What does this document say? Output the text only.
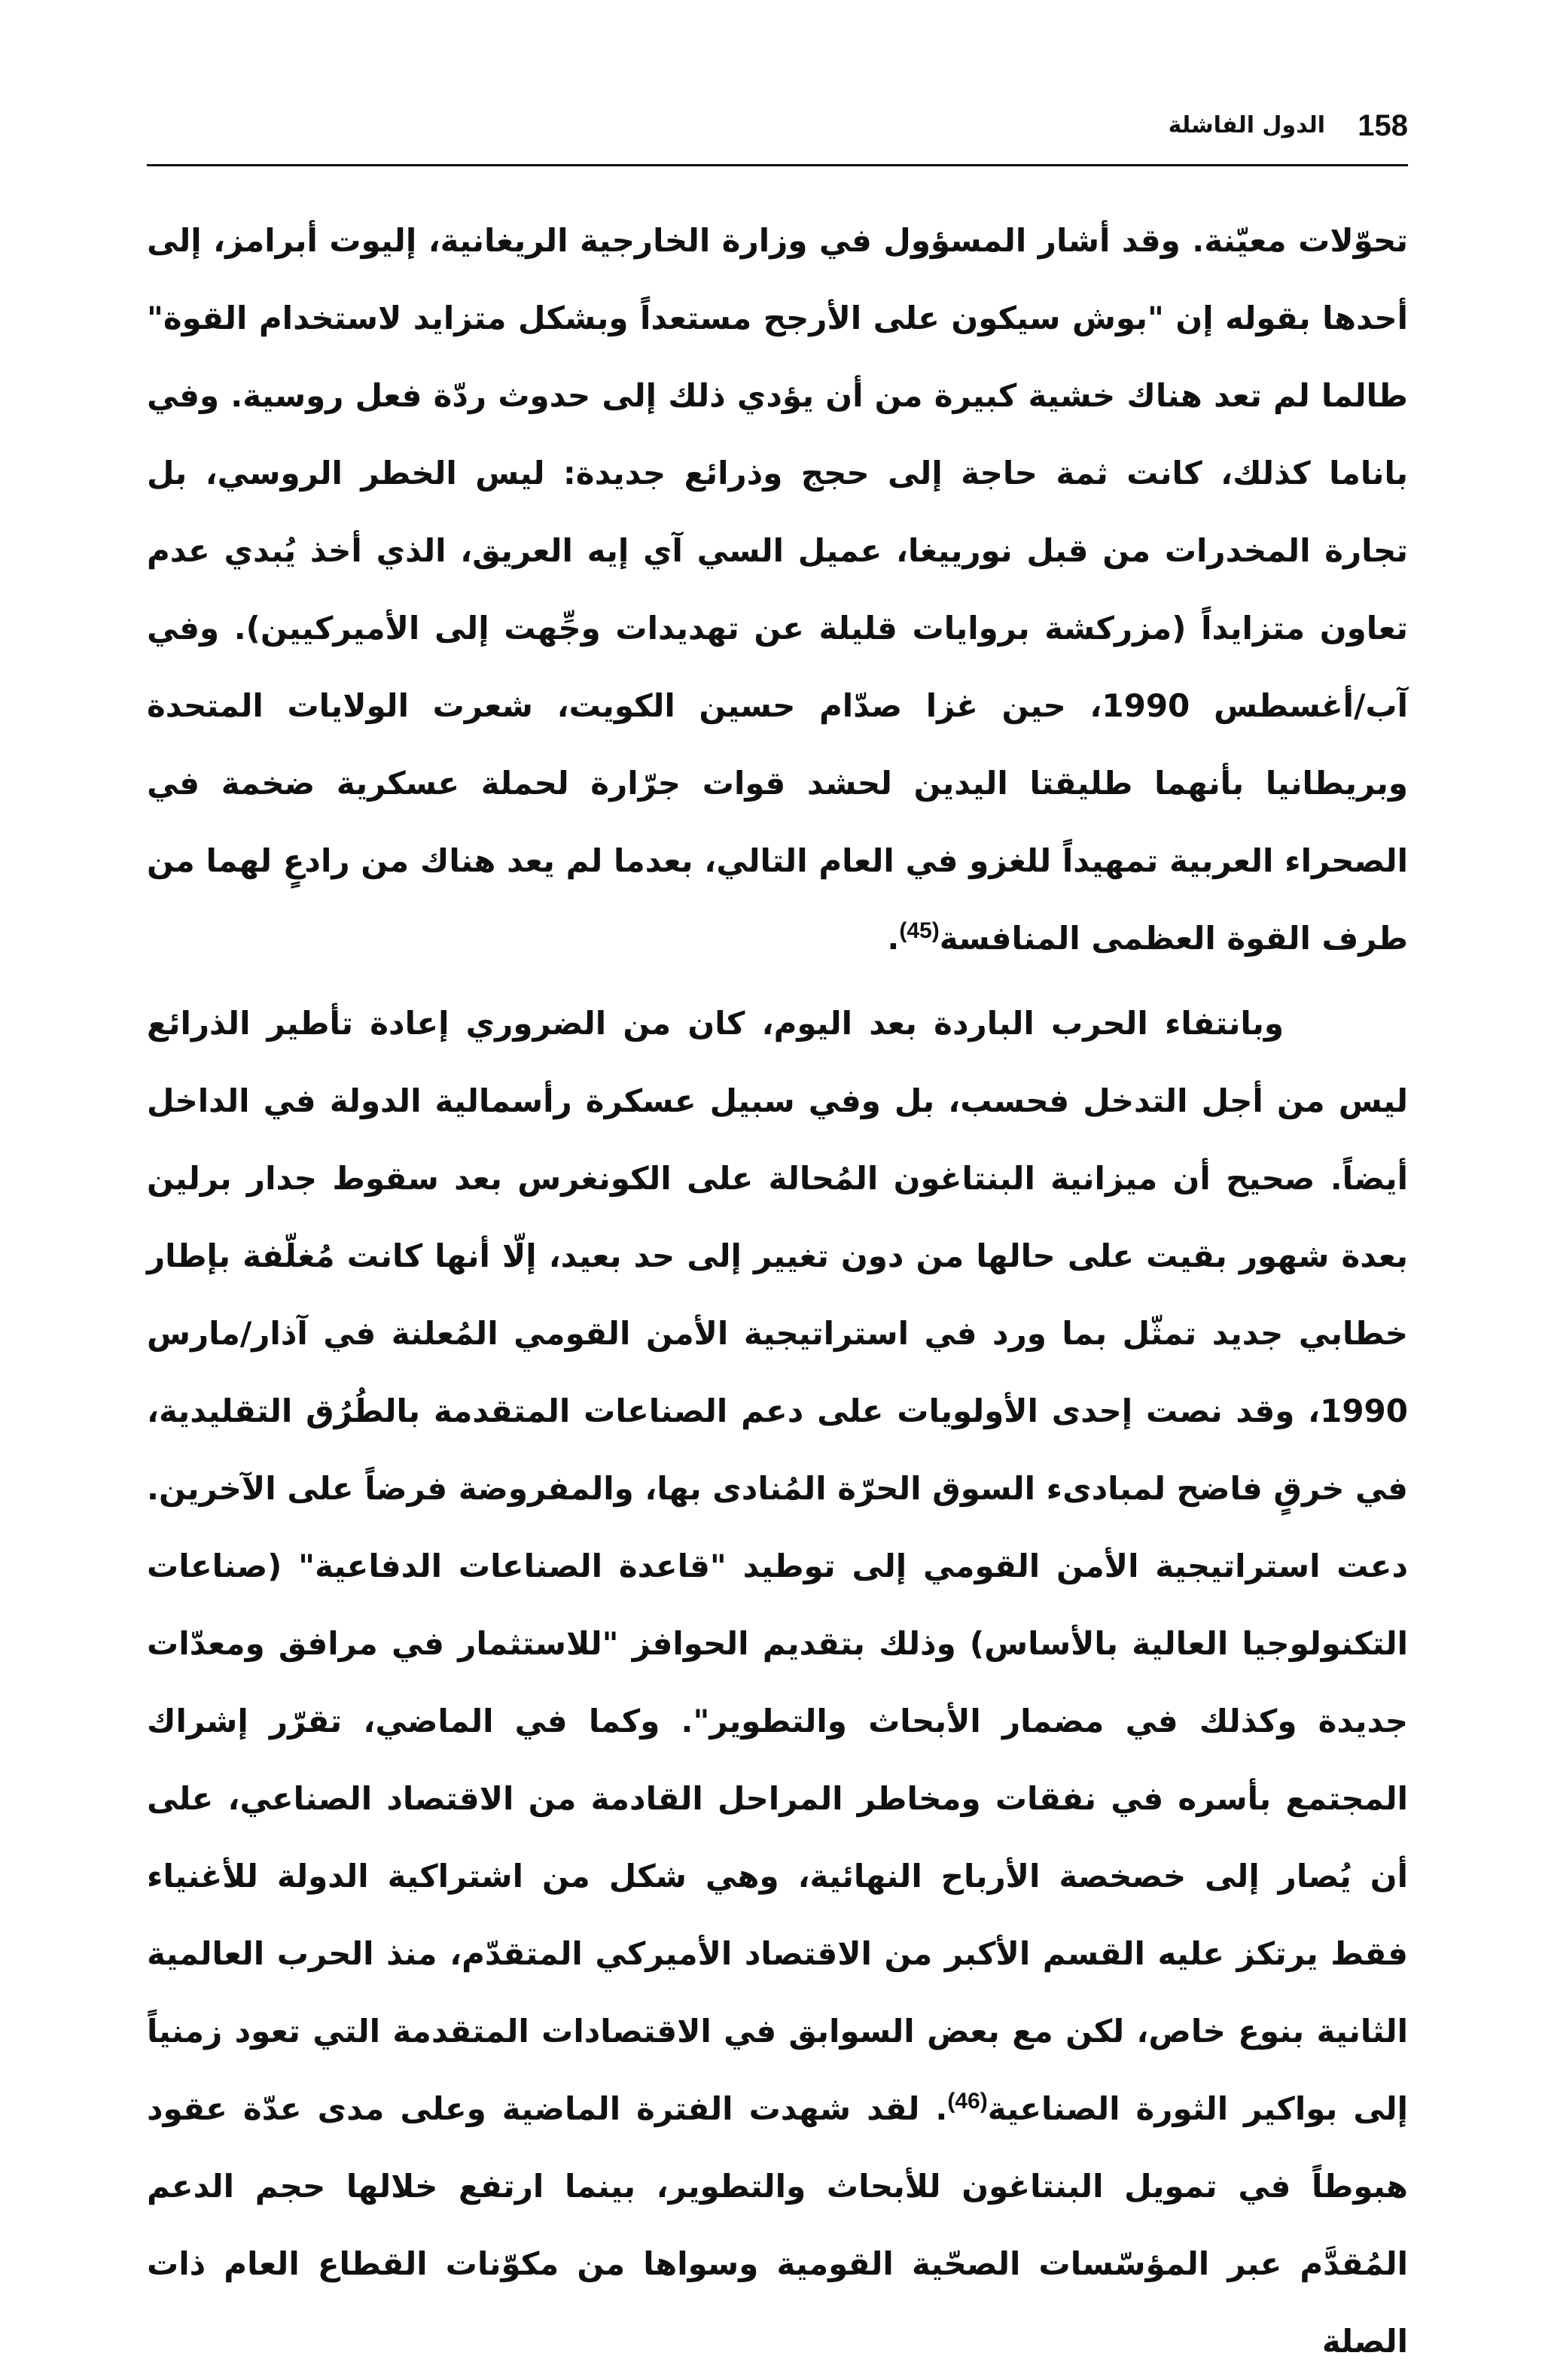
158
الدول الفاشلة

تحوّلات معيّنة. وقد أشار المسؤول في وزارة الخارجية الريغانية، إليوت أبرامز، إلى أحدها بقوله إن "بوش سيكون على الأرجح مستعداً وبشكل متزايد لاستخدام القوة" طالما لم تعد هناك خشية كبيرة من أن يؤدي ذلك إلى حدوث ردّة فعل روسية. وفي باناما كذلك، كانت ثمة حاجة إلى حجج وذرائع جديدة: ليس الخطر الروسي، بل تجارة المخدرات من قبل نورييغا، عميل السي آي إيه العريق، الذي أخذ يُبدي عدم تعاون متزايداً (مزركشة بروايات قليلة عن تهديدات وجِّهت إلى الأميركيين). وفي آب/أغسطس 1990، حين غزا صدّام حسين الكويت، شعرت الولايات المتحدة وبريطانيا بأنهما طليقتا اليدين لحشد قوات جرّارة لحملة عسكرية ضخمة في الصحراء العربية تمهيداً للغزو في العام التالي، بعدما لم يعد هناك من رادعٍ لهما من طرف القوة العظمى المنافسة$^{(45)}$.

وبانتفاء الحرب الباردة بعد اليوم، كان من الضروري إعادة تأطير الذرائع ليس من أجل التدخل فحسب، بل وفي سبيل عسكرة رأسمالية الدولة في الداخل أيضاً. صحيح أن ميزانية البنتاغون المُحالة على الكونغرس بعد سقوط جدار برلين بعدة شهور بقيت على حالها من دون تغيير إلى حد بعيد، إلّا أنها كانت مُغلّفة بإطار خطابي جديد تمثّل بما ورد في استراتيجية الأمن القومي المُعلنة في آذار/مارس 1990، وقد نصت إحدى الأولويات على دعم الصناعات المتقدمة بالطُرُق التقليدية، في خرقٍ فاضح لمبادىء السوق الحرّة المُنادى بها، والمفروضة فرضاً على الآخرين. دعت استراتيجية الأمن القومي إلى توطيد "قاعدة الصناعات الدفاعية" (صناعات التكنولوجيا العالية بالأساس) وذلك بتقديم الحوافز "للاستثمار في مرافق ومعدّات جديدة وكذلك في مضمار الأبحاث والتطوير". وكما في الماضي، تقرّر إشراك المجتمع بأسره في نفقات ومخاطر المراحل القادمة من الاقتصاد الصناعي، على أن يُصار إلى خصخصة الأرباح النهائية، وهي شكل من اشتراكية الدولة للأغنياء فقط يرتكز عليه القسم الأكبر من الاقتصاد الأميركي المتقدّم، منذ الحرب العالمية الثانية بنوع خاص، لكن مع بعض السوابق في الاقتصادات المتقدمة التي تعود زمنياً إلى بواكير الثورة الصناعية$^{(46)}$. لقد شهدت الفترة الماضية وعلى مدى عدّة عقود هبوطاً في تمويل البنتاغون للأبحاث والتطوير، بينما ارتفع خلالها حجم الدعم المُقدَّم عبر المؤسّسات الصحّية القومية وسواها من مكوّنات القطاع العام ذات الصلة
